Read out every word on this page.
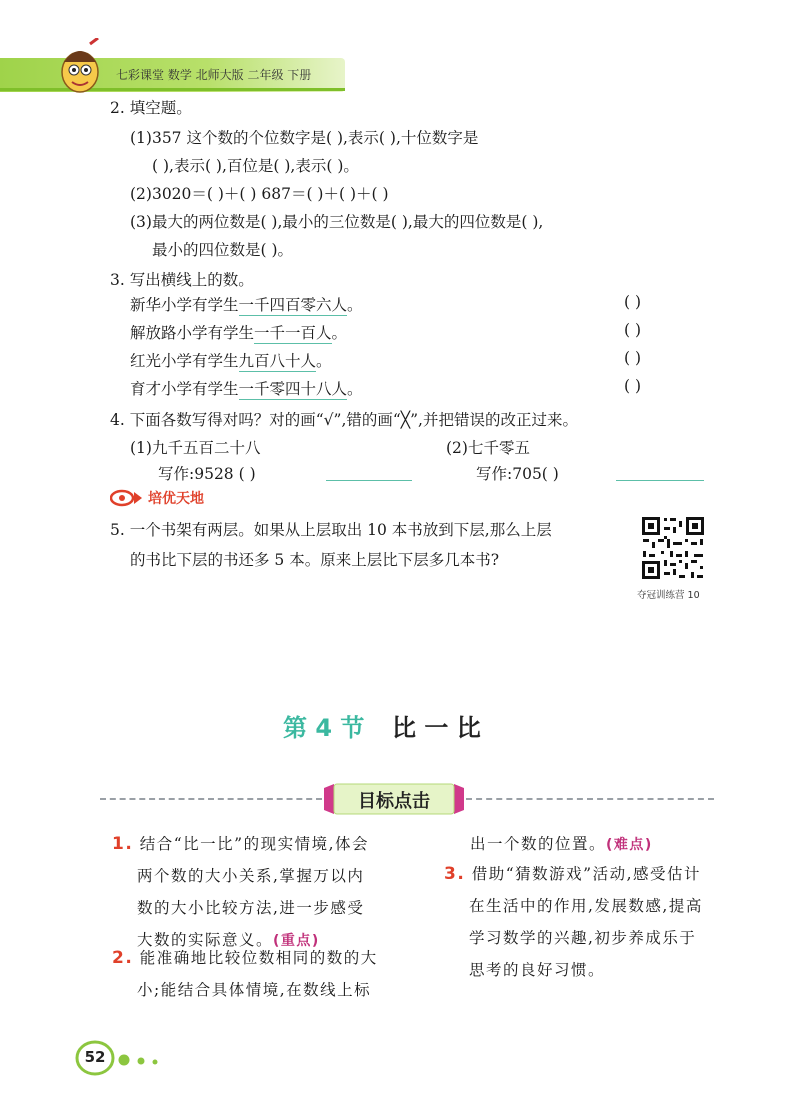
七彩课堂 数学 北师大版 二年级 下册
2. 填空题。
(1)357 这个数的个位数字是( ),表示( ),十位数字是
( ),表示( ),百位是( ),表示( )。
(2)3020＝( )＋( ) 687＝( )＋( )＋( )
(3)最大的两位数是( ),最小的三位数是( ),最大的四位数是( ),
最小的四位数是( )。
3. 写出横线上的数。
新华小学有学生一千四百零六人。	( )
解放路小学有学生一千一百人。	( )
红光小学有学生九百八十人。	( )
育才小学有学生一千零四十八人。	( )
4. 下面各数写得对吗？对的画“√”,错的画“╳”,并把错误的改正过来。
(1)九千五百二十八	(2)七千零五
写作:9528 ( )	写作:705( )
培优天地
5. 一个书架有两层。如果从上层取出 10 本书放到下层,那么上层
的书比下层的书还多 5 本。原来上层比下层多几本书?
夺冠训练营 10
第 4 节 比 一 比
目标点击
1. 结合“比一比”的现实情境,体会
两个数的大小关系,掌握万以内
数的大小比较方法,进一步感受
大数的实际意义。(重点)
2. 能准确地比较位数相同的数的大
小;能结合具体情境,在数线上标
出一个数的位置。(难点)
3. 借助“猜数游戏”活动,感受估计
在生活中的作用,发展数感,提高
学习数学的兴趣,初步养成乐于
思考的良好习惯。
52
